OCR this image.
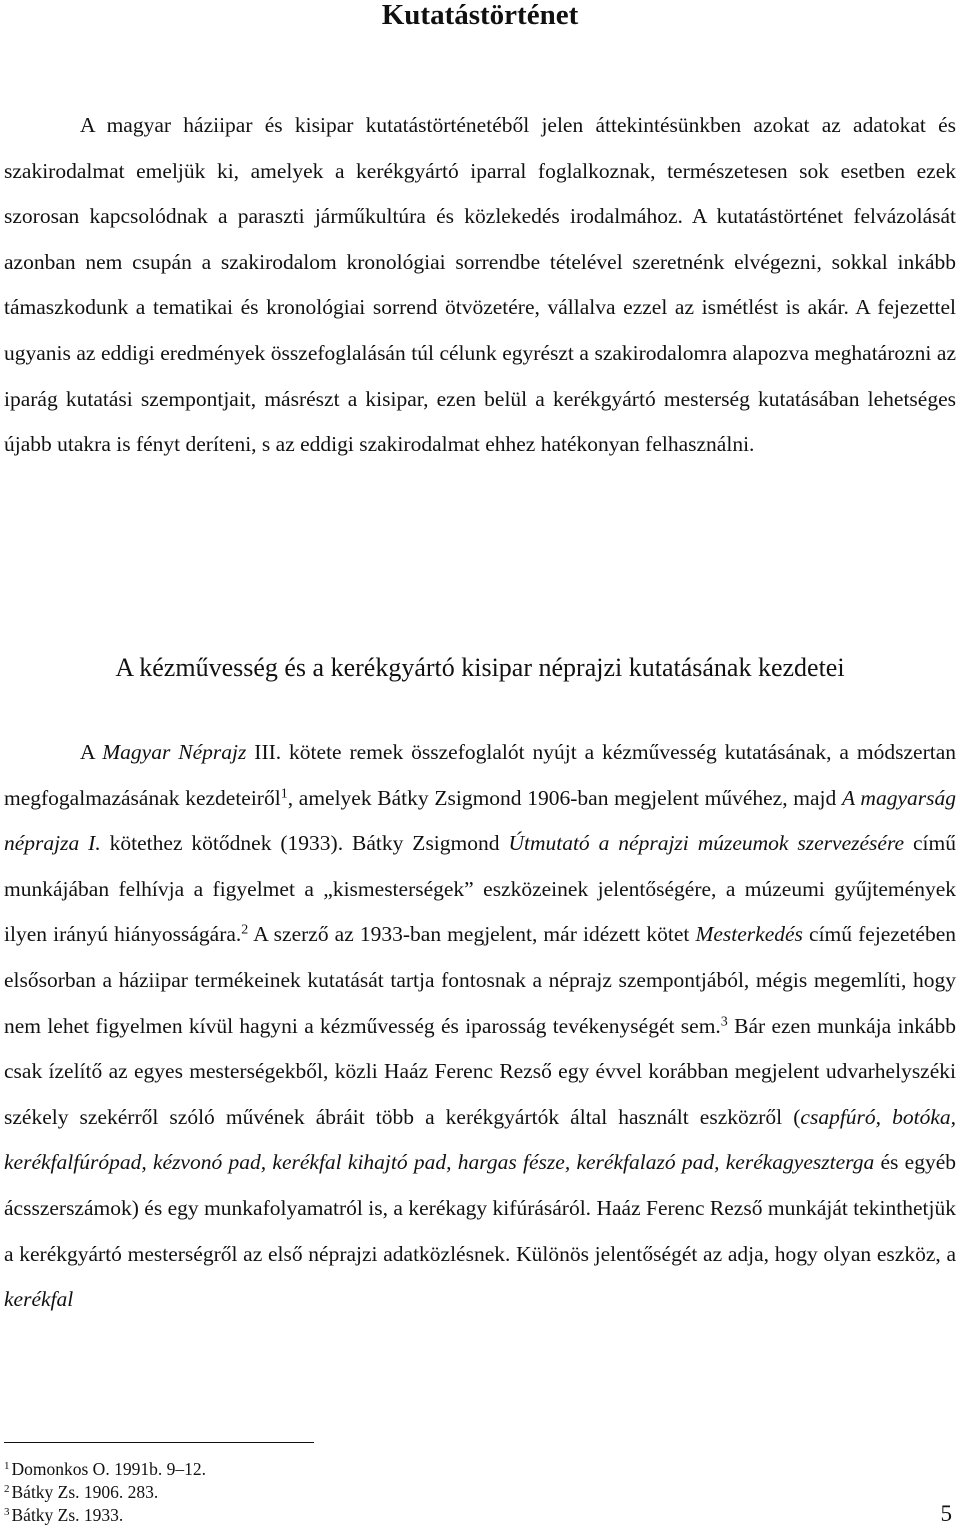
Kutatástörténet

A magyar háziipar és kisipar kutatástörténetéből jelen áttekintésünkben azokat az adatokat és szakirodalmat emeljük ki, amelyek a kerékgyártó iparral foglalkoznak, természetesen sok esetben ezek szorosan kapcsolódnak a paraszti járműkultúra és közlekedés irodalmához. A kutatástörténet felvázolását azonban nem csupán a szakirodalom kronológiai sorrendbe tételével szeretnénk elvégezni, sokkal inkább támaszkodunk a tematikai és kronológiai sorrend ötvözetére, vállalva ezzel az ismétlést is akár. A fejezettel ugyanis az eddigi eredmények összefoglalásán túl célunk egyrészt a szakirodalomra alapozva meghatározni az iparág kutatási szempontjait, másrészt a kisipar, ezen belül a kerékgyártó mesterség kutatásában lehetséges újabb utakra is fényt deríteni, s az eddigi szakirodalmat ehhez hatékonyan felhasználni.

A kézművesség és a kerékgyártó kisipar néprajzi kutatásának kezdetei

A Magyar Néprajz III. kötete remek összefoglalót nyújt a kézművesség kutatásának, a módszertan megfogalmazásának kezdeteiről$^1$, amelyek Bátky Zsigmond 1906-ban megjelent művéhez, majd A magyarság néprajza I. kötethez kötődnek (1933). Bátky Zsigmond Útmutató a néprajzi múzeumok szervezésére című munkájában felhívja a figyelmet a „kismesterségek” eszközeinek jelentőségére, a múzeumi gyűjtemények ilyen irányú hiányosságára.$^2$ A szerző az 1933-ban megjelent, már idézett kötet Mesterkedés című fejezetében elsősorban a háziipar termékeinek kutatását tartja fontosnak a néprajz szempontjából, mégis megemlíti, hogy nem lehet figyelmen kívül hagyni a kézművesség és iparosság tevékenységét sem.$^3$ Bár ezen munkája inkább csak ízelítő az egyes mesterségekből, közli Haáz Ferenc Rezső egy évvel korábban megjelent udvarhelyszéki székely szekérről szóló művének ábráit több a kerékgyártók által használt eszközről (csapfúró, botóka, kerékfalfúrópad, kézvonó pad, kerékfal kihajtó pad, hargas fésze, kerékfalazó pad, kerékagyeszterga és egyéb ácsszerszámok) és egy munkafolyamatról is, a kerékagy kifúrásáról. Haáz Ferenc Rezső munkáját tekinthetjük a kerékgyártó mesterségről az első néprajzi adatközlésnek. Különös jelentőségét az adja, hogy olyan eszköz, a kerékfal

$^1$ Domonkos O. 1991b. 9–12.
$^2$ Bátky Zs. 1906. 283.
$^3$ Bátky Zs. 1933.	5
